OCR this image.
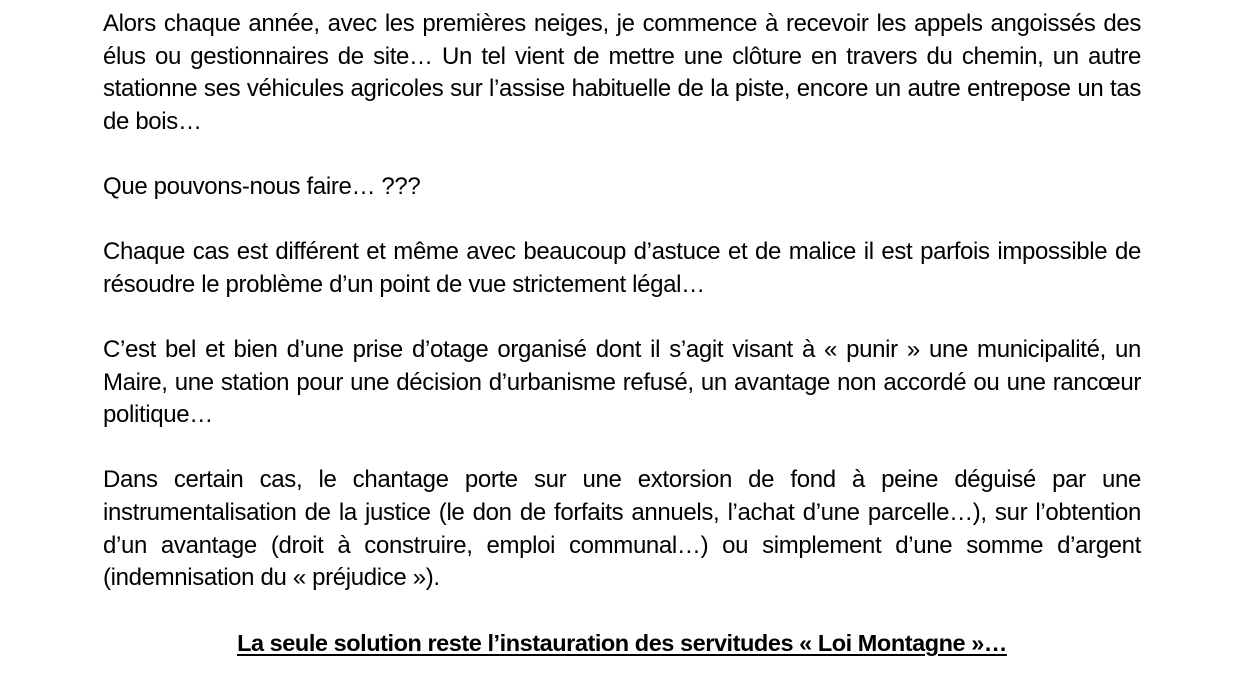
Alors chaque année, avec les premières neiges, je commence à recevoir les appels angoissés des élus ou gestionnaires de site… Un tel vient de mettre une clôture en travers du chemin, un autre stationne ses véhicules agricoles sur l’assise habituelle de la piste, encore un autre entrepose un tas de bois…

Que pouvons-nous faire… ???

Chaque cas est différent et même avec beaucoup d’astuce et de malice il est parfois impossible de résoudre le problème d’un point de vue strictement légal…

C’est bel et bien d’une prise d’otage organisé dont il s’agit visant à « punir » une municipalité, un Maire, une station pour une décision d’urbanisme refusé, un avantage non accordé ou une rancœur politique…

Dans certain cas, le chantage porte sur une extorsion de fond à peine déguisé par une instrumentalisation de la justice (le don de forfaits annuels, l’achat d’une parcelle…), sur l’obtention d’un avantage (droit à construire, emploi communal…) ou simplement d’une somme d’argent (indemnisation du « préjudice »).

La seule solution reste l’instauration des servitudes « Loi Montagne »…
